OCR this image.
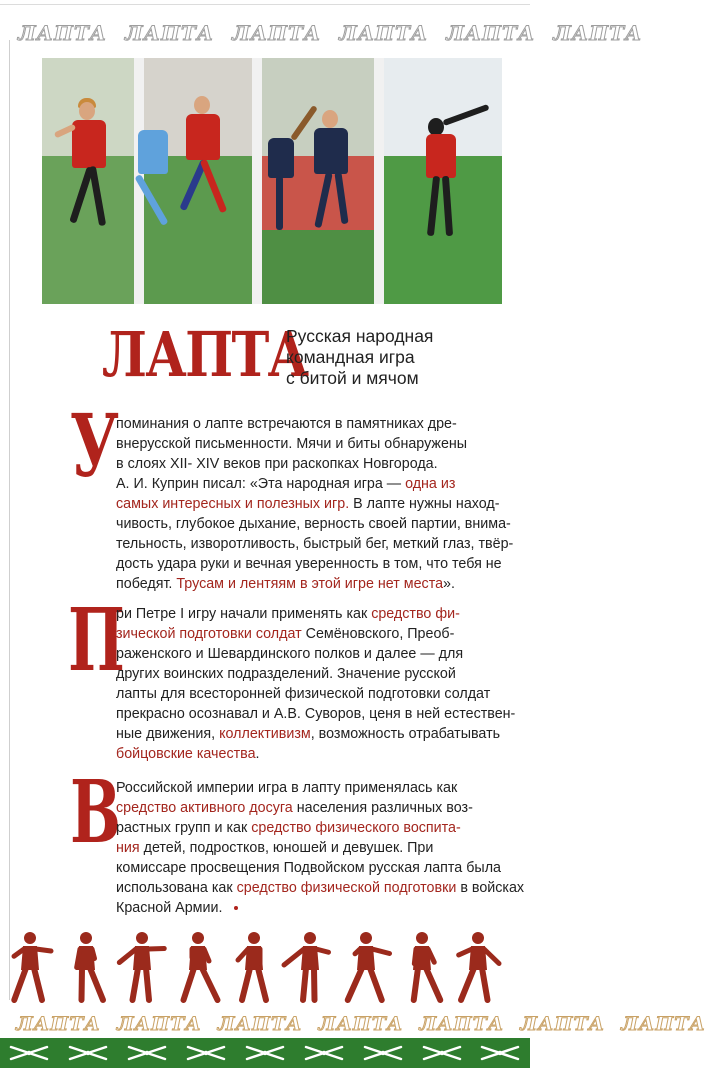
ЛАПТА ЛАПТА ЛАПТА ЛАПТА ЛАПТА ЛАПТА
ЛАПТА
Русская народная
командная игра
с битой и мячом
У
поминания о лапте встречаются в памятниках дре-
внерусской письменности. Мячи и биты обнаружены
в слоях XII- XIV веков при раскопках Новгорода.
А. И. Куприн писал: «Эта народная игра — одна из
самых интересных и полезных игр. В лапте нужны наход-
чивость, глубокое дыхание, верность своей партии, внима-
тельность, изворотливость, быстрый бег, меткий глаз, твёр-
дость удара руки и вечная уверенность в том, что тебя не
победят. Трусам и лентяям в этой игре нет места».
П
ри Петре I игру начали применять как средство фи-
зической подготовки солдат Семёновского, Преоб-
раженского и Шевардинского полков и далее — для
других воинских подразделений. Значение русской
лапты для всесторонней физической подготовки солдат
прекрасно осознавал и А.В. Суворов, ценя в ней естествен-
ные движения, коллективизм, возможность отрабатывать
бойцовские качества.
В
Российской империи игра в лапту применялась как
средство активного досуга населения различных воз-
растных групп и как средство физического воспита-
ния детей, подростков, юношей и девушек. При
комиссаре просвещения Подвойском русская лапта была
использована как средство физической подготовки в войсках
Красной Армии.
ЛАПТА ЛАПТА ЛАПТА ЛАПТА ЛАПТА ЛАПТА ЛАПТА
